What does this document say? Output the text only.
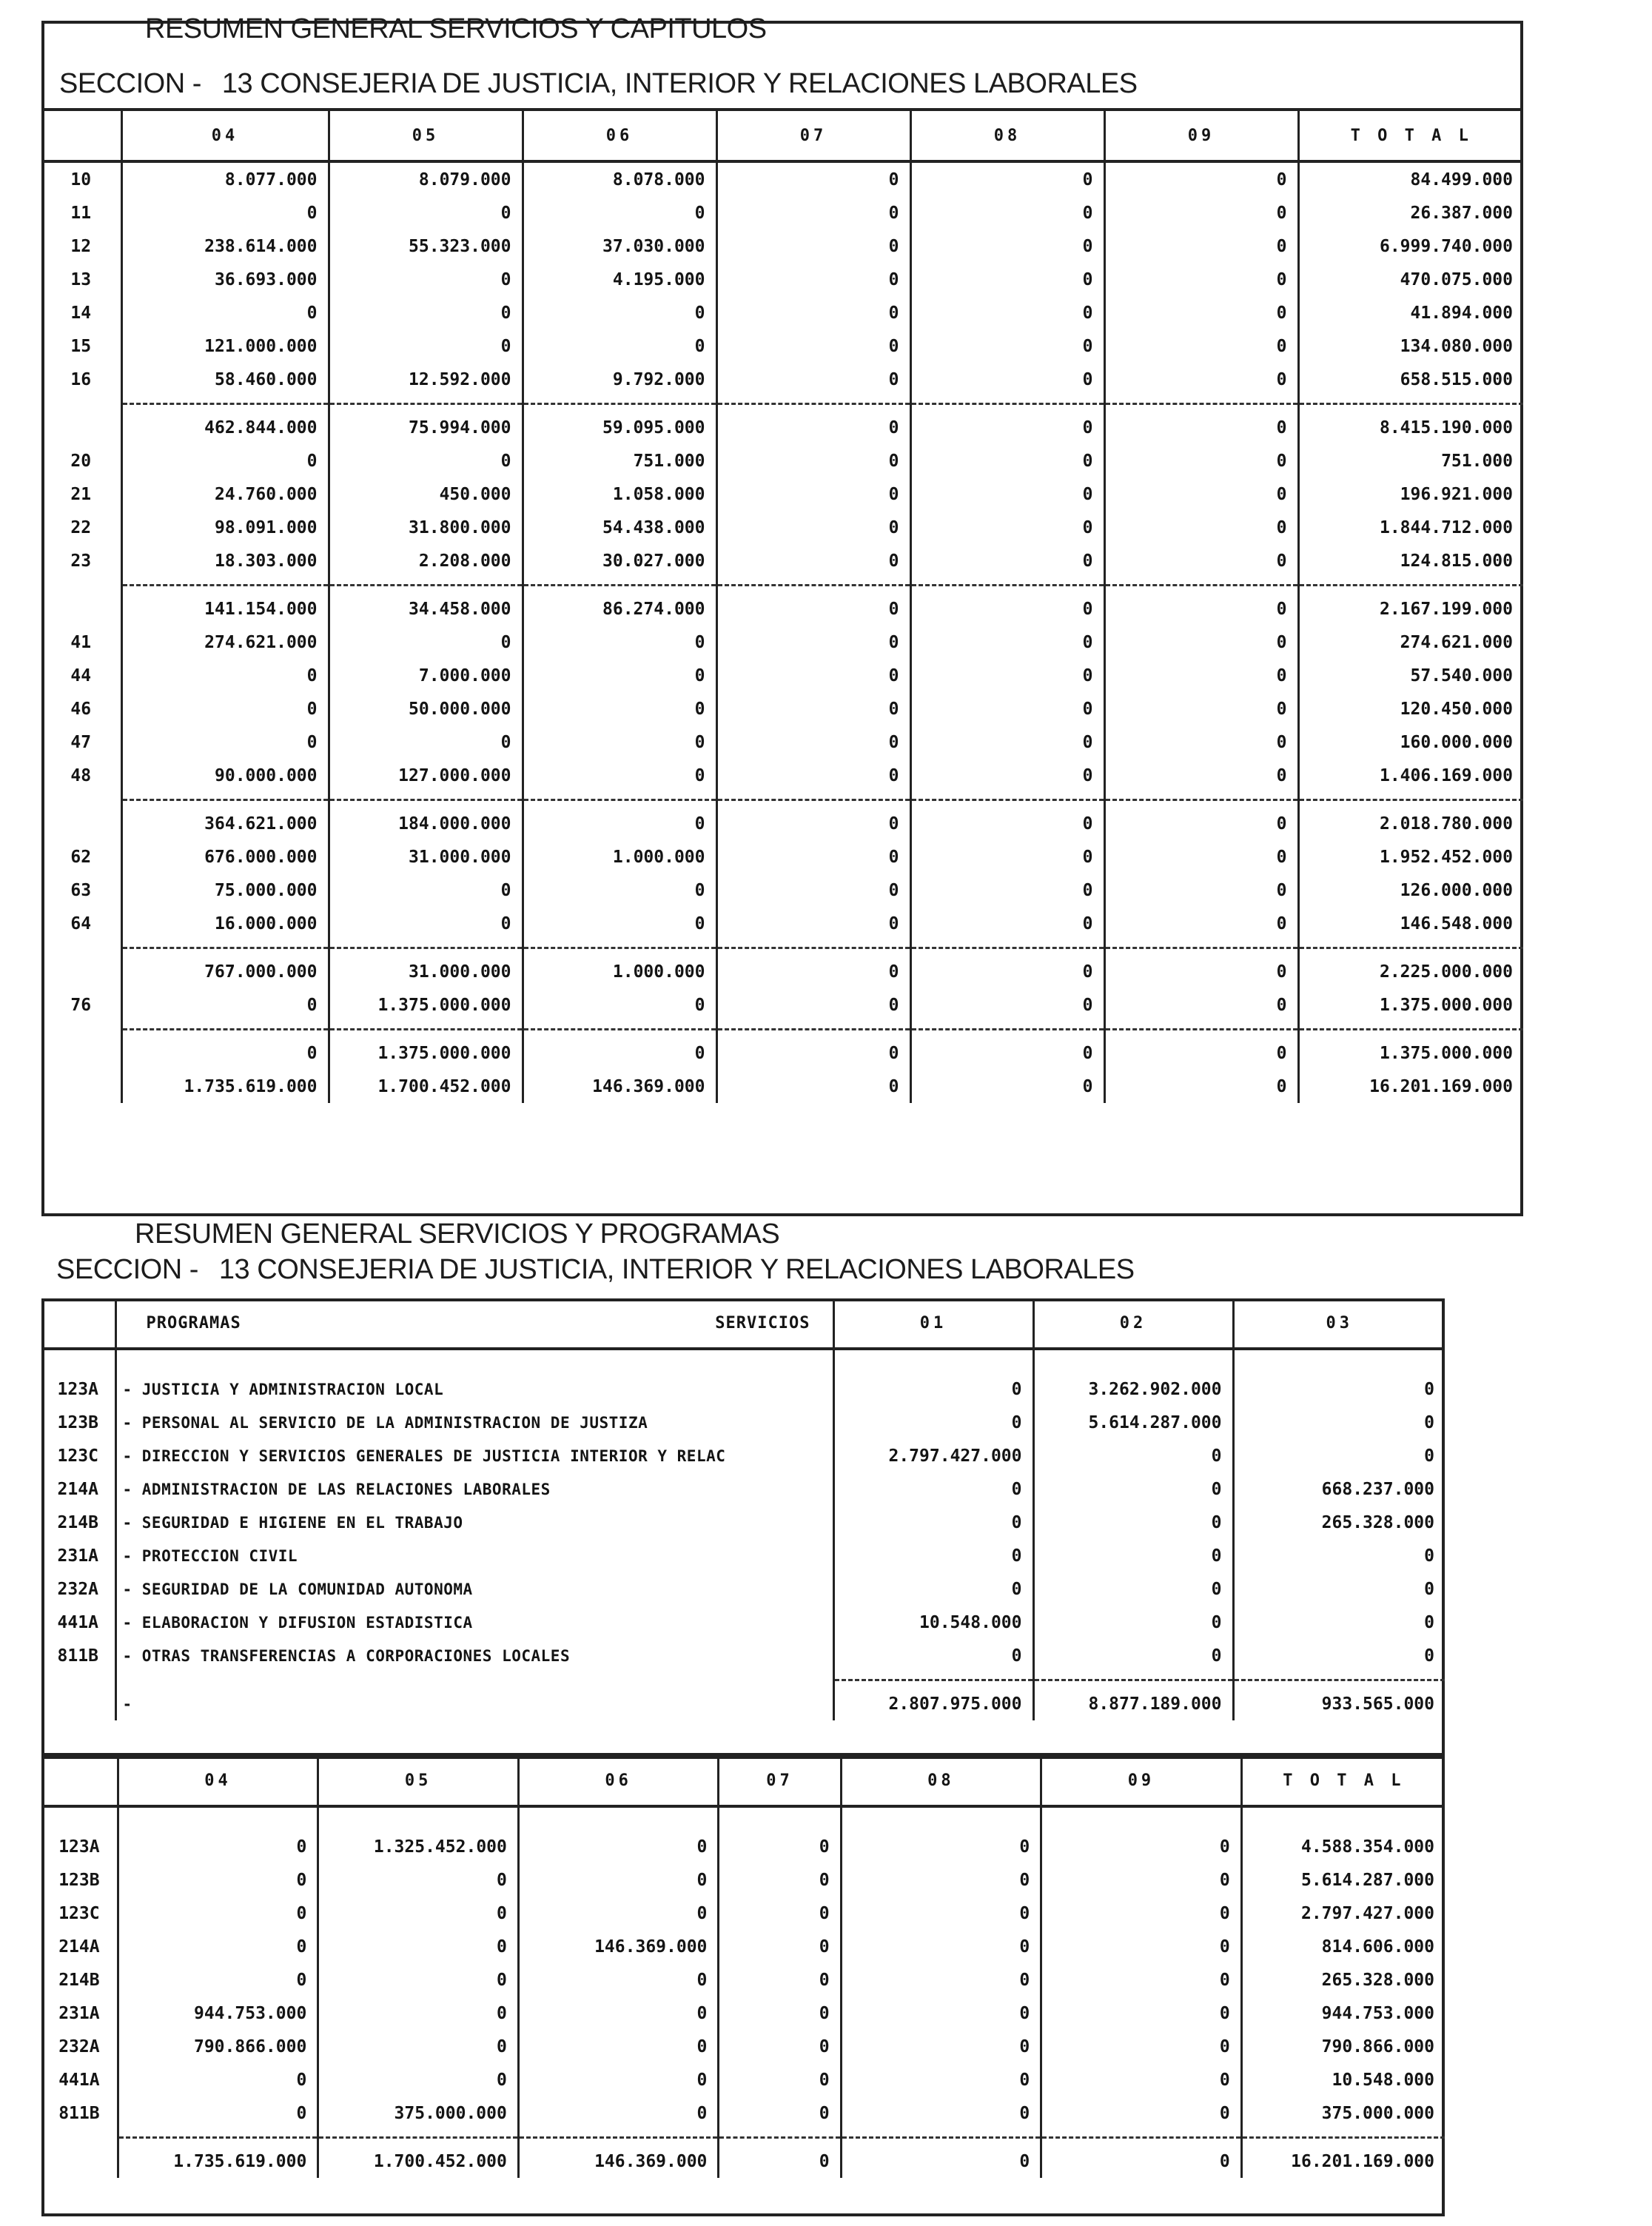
RESUMEN GENERAL SERVICIOS Y CAPITULOS
SECCION - 13 CONSEJERIA DE JUSTICIA, INTERIOR Y RELACIONES LABORALES
	04	05	06	07	08	09	T O T A L
10	8.077.000	8.079.000	8.078.000	0	0	0	84.499.000
11	0	0	0	0	0	0	26.387.000
12	238.614.000	55.323.000	37.030.000	0	0	0	6.999.740.000
13	36.693.000	0	4.195.000	0	0	0	470.075.000
14	0	0	0	0	0	0	41.894.000
15	121.000.000	0	0	0	0	0	134.080.000
16	58.460.000	12.592.000	9.792.000	0	0	0	658.515.000

	462.844.000	75.994.000	59.095.000	0	0	0	8.415.190.000
20	0	0	751.000	0	0	0	751.000
21	24.760.000	450.000	1.058.000	0	0	0	196.921.000
22	98.091.000	31.800.000	54.438.000	0	0	0	1.844.712.000
23	18.303.000	2.208.000	30.027.000	0	0	0	124.815.000

	141.154.000	34.458.000	86.274.000	0	0	0	2.167.199.000
41	274.621.000	0	0	0	0	0	274.621.000
44	0	7.000.000	0	0	0	0	57.540.000
46	0	50.000.000	0	0	0	0	120.450.000
47	0	0	0	0	0	0	160.000.000
48	90.000.000	127.000.000	0	0	0	0	1.406.169.000

	364.621.000	184.000.000	0	0	0	0	2.018.780.000
62	676.000.000	31.000.000	1.000.000	0	0	0	1.952.452.000
63	75.000.000	0	0	0	0	0	126.000.000
64	16.000.000	0	0	0	0	0	146.548.000

	767.000.000	31.000.000	1.000.000	0	0	0	2.225.000.000
76	0	1.375.000.000	0	0	0	0	1.375.000.000

	0	1.375.000.000	0	0	0	0	1.375.000.000
	1.735.619.000	1.700.452.000	146.369.000	0	0	0	16.201.169.000
RESUMEN GENERAL SERVICIOS Y PROGRAMAS
SECCION - 13 CONSEJERIA DE JUSTICIA, INTERIOR Y RELACIONES LABORALES
	PROGRAMAS SERVICIOS	01	02	03

123A	- JUSTICIA Y ADMINISTRACION LOCAL	0	3.262.902.000	0
123B	- PERSONAL AL SERVICIO DE LA ADMINISTRACION DE JUSTIZA	0	5.614.287.000	0
123C	- DIRECCION Y SERVICIOS GENERALES DE JUSTICIA INTERIOR Y RELAC	2.797.427.000	0	0
214A	- ADMINISTRACION DE LAS RELACIONES LABORALES	0	0	668.237.000
214B	- SEGURIDAD E HIGIENE EN EL TRABAJO	0	0	265.328.000
231A	- PROTECCION CIVIL	0	0	0
232A	- SEGURIDAD DE LA COMUNIDAD AUTONOMA	0	0	0
441A	- ELABORACION Y DIFUSION ESTADISTICA	10.548.000	0	0
811B	- OTRAS TRANSFERENCIAS A CORPORACIONES LOCALES	0	0	0

	-	2.807.975.000	8.877.189.000	933.565.000
	04	05	06	07	08	09	T O T A L

123A	0	1.325.452.000	0	0	0	0	4.588.354.000
123B	0	0	0	0	0	0	5.614.287.000
123C	0	0	0	0	0	0	2.797.427.000
214A	0	0	146.369.000	0	0	0	814.606.000
214B	0	0	0	0	0	0	265.328.000
231A	944.753.000	0	0	0	0	0	944.753.000
232A	790.866.000	0	0	0	0	0	790.866.000
441A	0	0	0	0	0	0	10.548.000
811B	0	375.000.000	0	0	0	0	375.000.000

	1.735.619.000	1.700.452.000	146.369.000	0	0	0	16.201.169.000
